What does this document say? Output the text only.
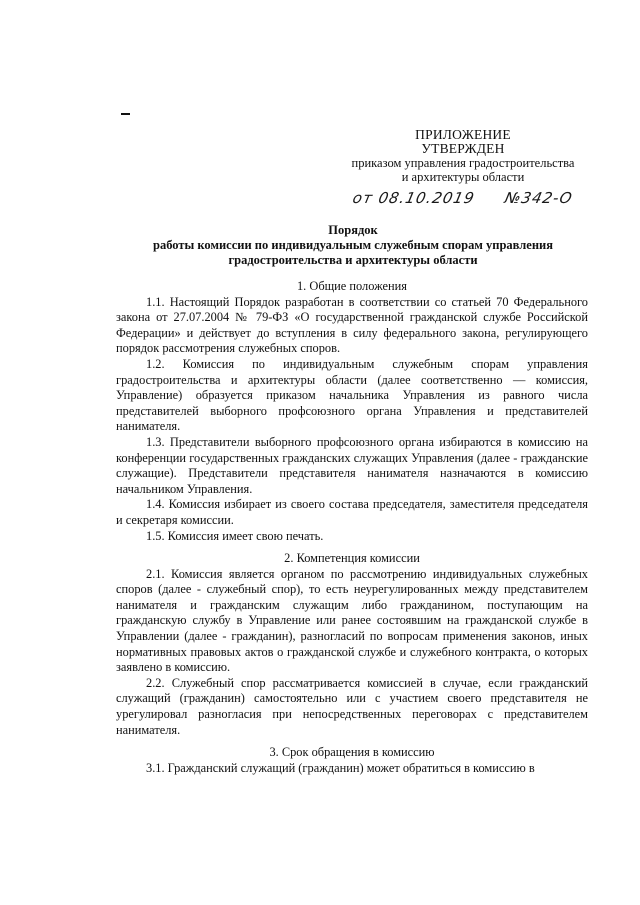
ПРИЛОЖЕНИЕ
УТВЕРЖДЕН
приказом управления градостроительства
и архитектуры области
от 08.10.2019 №342-О
Порядок
работы комиссии по индивидуальным служебным спорам управления
градостроительства и архитектуры области

1. Общие положения

1.1. Настоящий Порядок разработан в соответствии со статьей 70 Федерального закона от 27.07.2004 № 79-ФЗ «О государственной гражданской службе Российской Федерации» и действует до вступления в силу федерального закона, регулирующего порядок рассмотрения служебных споров.

1.2. Комиссия по индивидуальным служебным спорам управления градостроительства и архитектуры области (далее соответственно — комиссия, Управление) образуется приказом начальника Управления из равного числа представителей выборного профсоюзного органа Управления и представителей нанимателя.

1.3. Представители выборного профсоюзного органа избираются в комиссию на конференции государственных гражданских служащих Управления (далее - гражданские служащие). Представители представителя нанимателя назначаются в комиссию начальником Управления.

1.4. Комиссия избирает из своего состава председателя, заместителя председателя и секретаря комиссии.

1.5. Комиссия имеет свою печать.

2. Компетенция комиссии

2.1. Комиссия является органом по рассмотрению индивидуальных служебных споров (далее - служебный спор), то есть неурегулированных между представителем нанимателя и гражданским служащим либо гражданином, поступающим на гражданскую службу в Управление или ранее состоявшим на гражданской службе в Управлении (далее - гражданин), разногласий по вопросам применения законов, иных нормативных правовых актов о гражданской службе и служебного контракта, о которых заявлено в комиссию.

2.2. Служебный спор рассматривается комиссией в случае, если гражданский служащий (гражданин) самостоятельно или с участием своего представителя не урегулировал разногласия при непосредственных переговорах с представителем нанимателя.

3. Срок обращения в комиссию

3.1. Гражданский служащий (гражданин) может обратиться в комиссию в
